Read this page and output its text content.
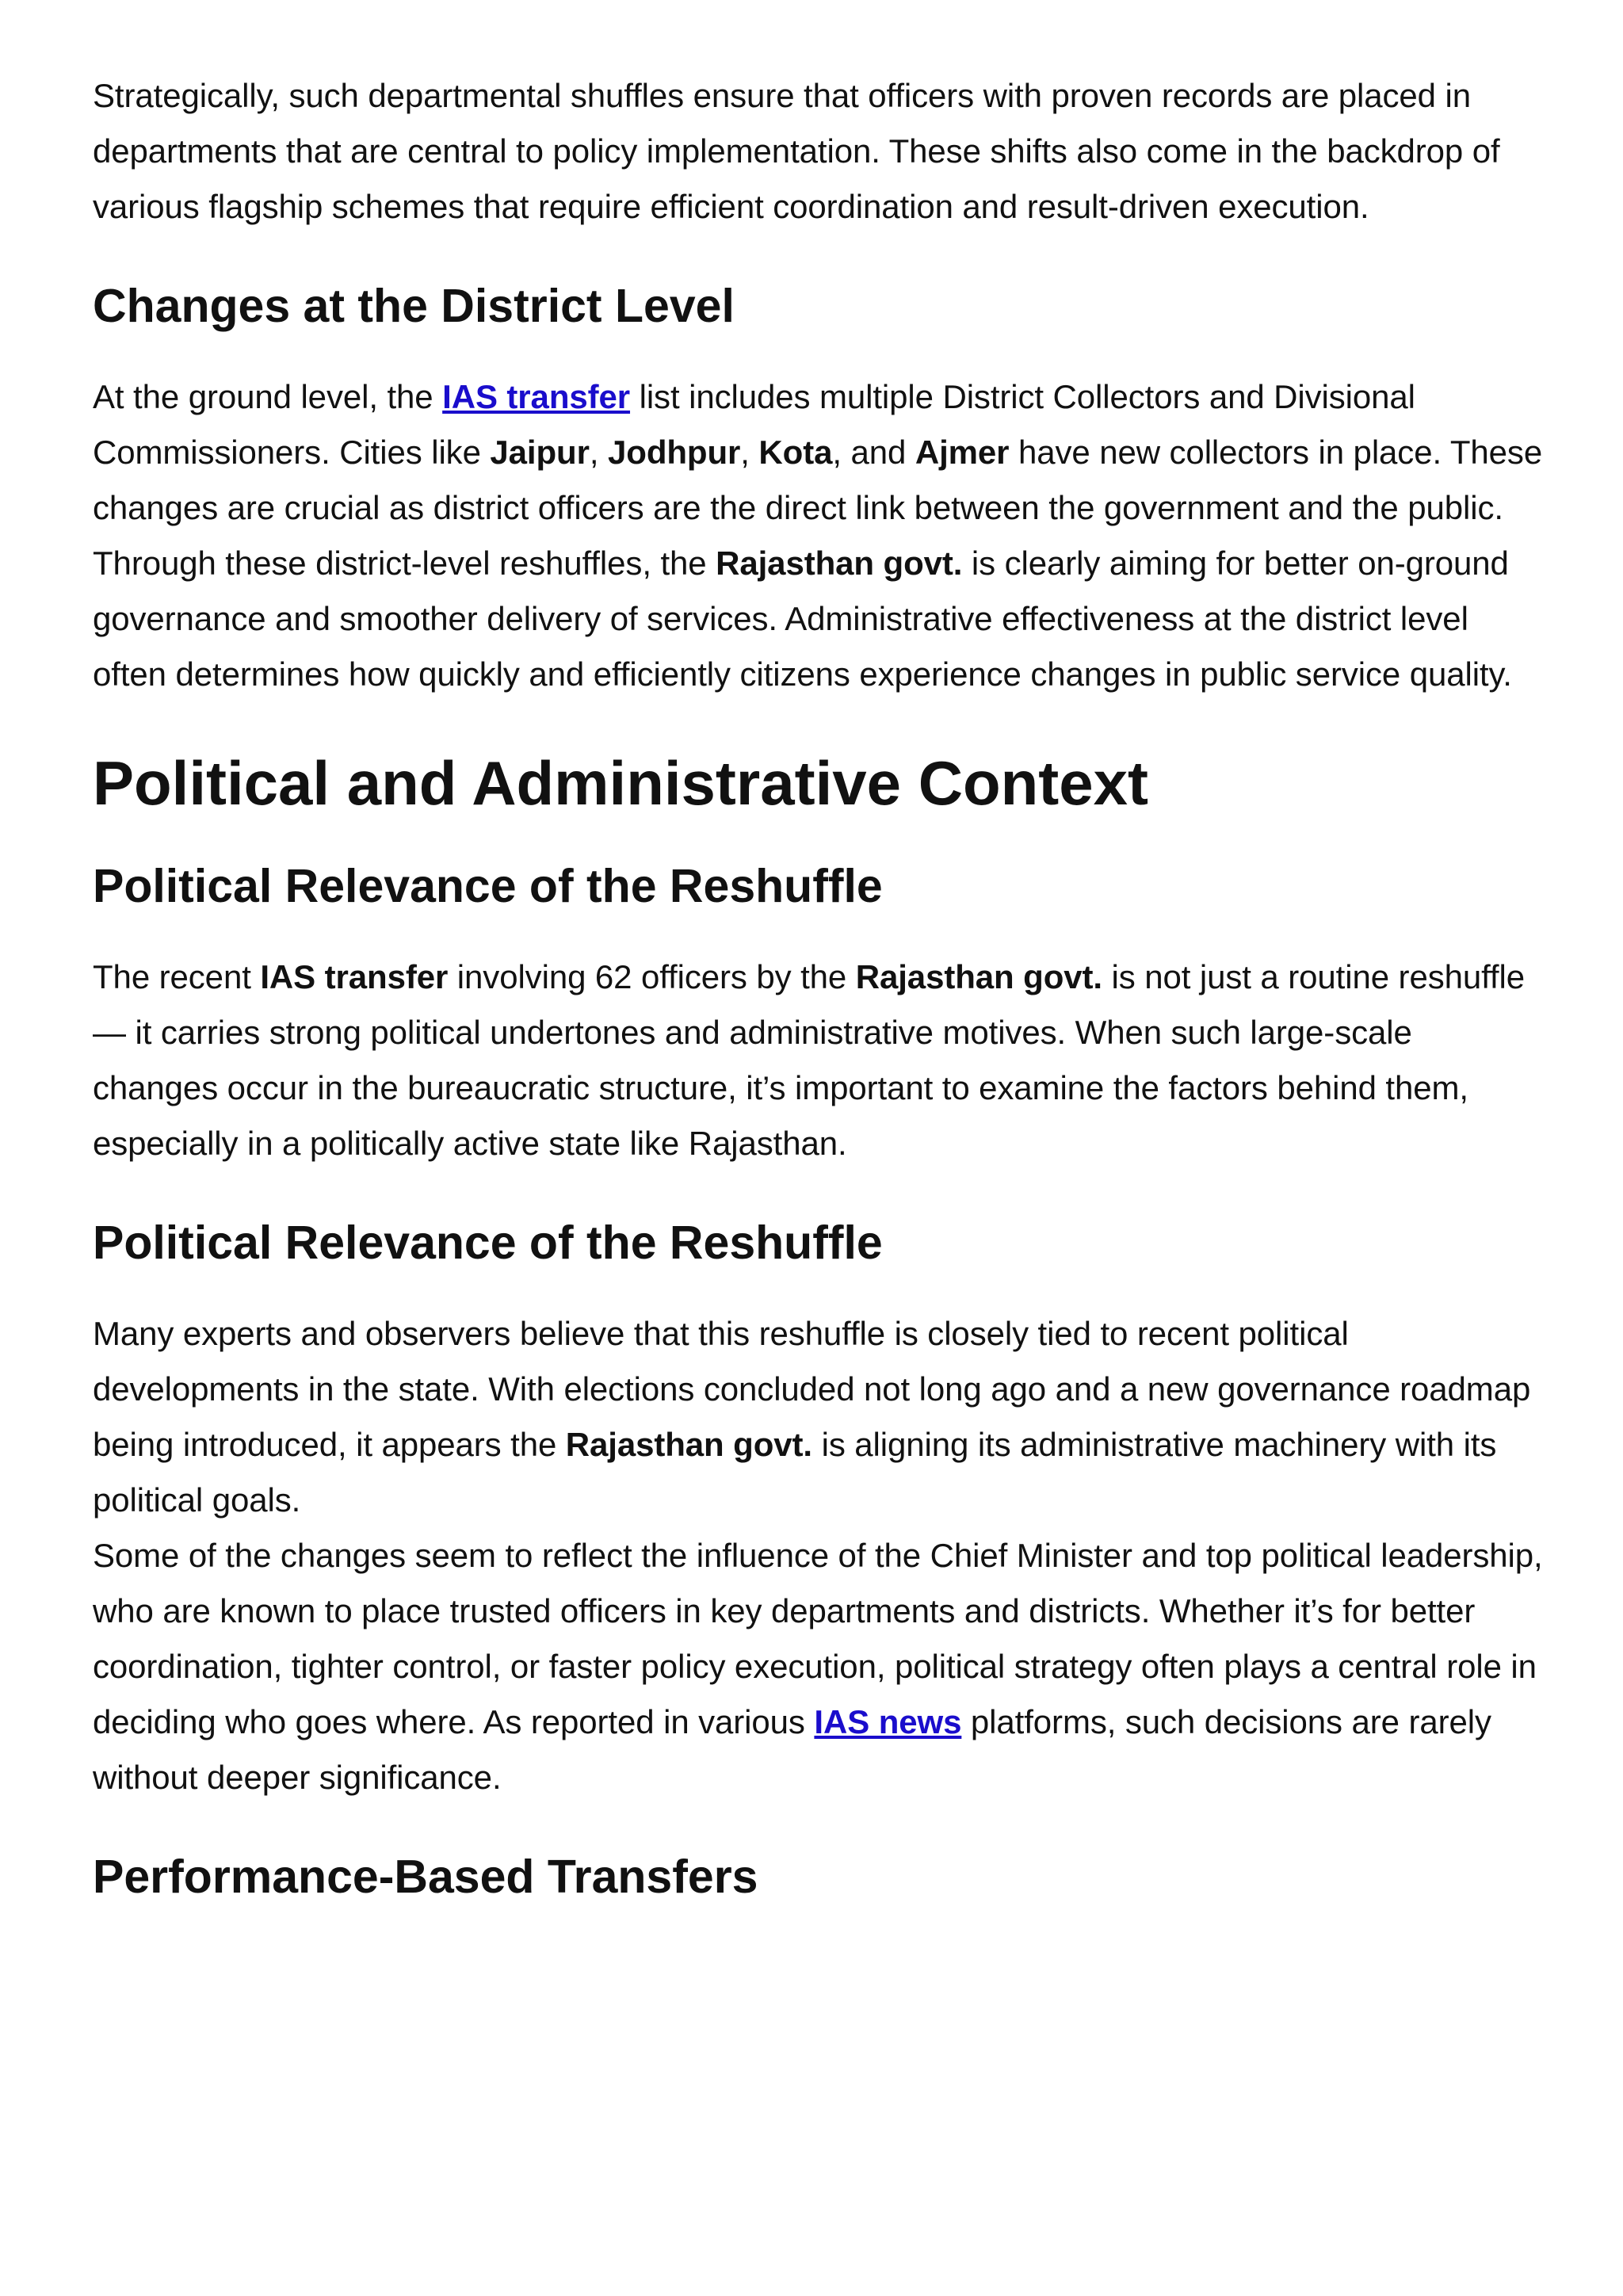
Strategically, such departmental shuffles ensure that officers with proven records are placed in departments that are central to policy implementation. These shifts also come in the backdrop of various flagship schemes that require efficient coordination and result-driven execution.

Changes at the District Level

At the ground level, the IAS transfer list includes multiple District Collectors and Divisional Commissioners. Cities like Jaipur, Jodhpur, Kota, and Ajmer have new collectors in place. These changes are crucial as district officers are the direct link between the government and the public.

Through these district-level reshuffles, the Rajasthan govt. is clearly aiming for better on-ground governance and smoother delivery of services. Administrative effectiveness at the district level often determines how quickly and efficiently citizens experience changes in public service quality.

Political and Administrative Context
Political Relevance of the Reshuffle

The recent IAS transfer involving 62 officers by the Rajasthan govt. is not just a routine reshuffle — it carries strong political undertones and administrative motives. When such large-scale changes occur in the bureaucratic structure, it’s important to examine the factors behind them, especially in a politically active state like Rajasthan.

Political Relevance of the Reshuffle

Many experts and observers believe that this reshuffle is closely tied to recent political developments in the state. With elections concluded not long ago and a new governance roadmap being introduced, it appears the Rajasthan govt. is aligning its administrative machinery with its political goals.

Some of the changes seem to reflect the influence of the Chief Minister and top political leadership, who are known to place trusted officers in key departments and districts. Whether it’s for better coordination, tighter control, or faster policy execution, political strategy often plays a central role in deciding who goes where. As reported in various IAS news platforms, such decisions are rarely without deeper significance.

Performance-Based Transfers
